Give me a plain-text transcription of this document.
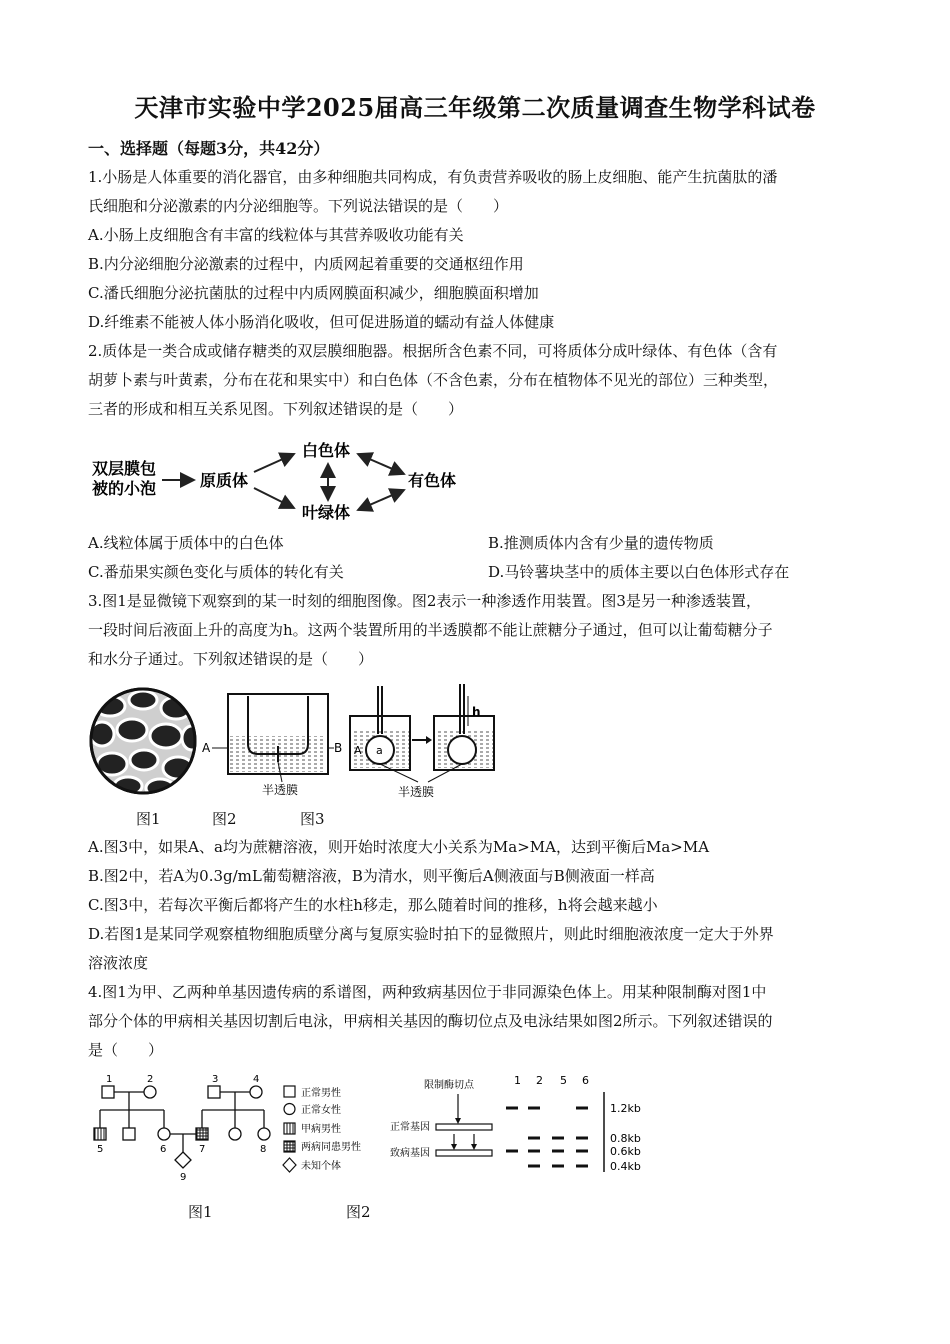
天津市实验中学2025届高三年级第二次质量调查生物学科试卷
一、选择题（每题3分，共42分）
1.小肠是人体重要的消化器官，由多种细胞共同构成，有负责营养吸收的肠上皮细胞、能产生抗菌肽的潘
氏细胞和分泌激素的内分泌细胞等。下列说法错误的是（　　）
A.小肠上皮细胞含有丰富的线粒体与其营养吸收功能有关
B.内分泌细胞分泌激素的过程中，内质网起着重要的交通枢纽作用
C.潘氏细胞分泌抗菌肽的过程中内质网膜面积减少，细胞膜面积增加
D.纤维素不能被人体小肠消化吸收，但可促进肠道的蠕动有益人体健康
2.质体是一类合成或储存糖类的双层膜细胞器。根据所含色素不同，可将质体分成叶绿体、有色体（含有
胡萝卜素与叶黄素，分布在花和果实中）和白色体（不含色素，分布在植物体不见光的部位）三种类型，
三者的形成和相互关系见图。下列叙述错误的是（　　）
双层膜包
被的小泡	原质体
白色体
叶绿体
有色体
A.线粒体属于质体中的白色体	B.推测质体内含有少量的遗传物质
C.番茄果实颜色变化与质体的转化有关	D.马铃薯块茎中的质体主要以白色体形式存在
3.图1是显微镜下观察到的某一时刻的细胞图像。图2表示一种渗透作用装置。图3是另一种渗透装置，
一段时间后液面上升的高度为h。这两个装置所用的半透膜都不能让蔗糖分子通过，但可以让葡萄糖分子
和水分子通过。下列叙述错误的是（　　）
A	B
半透膜
a
A
h
半透膜
图1	图2	图3
A.图3中，如果A、a均为蔗糖溶液，则开始时浓度大小关系为Ma>MA，达到平衡后Ma>MA
B.图2中，若A为0.3g/mL葡萄糖溶液，B为清水，则平衡后A侧液面与B侧液面一样高
C.图3中，若每次平衡后都将产生的水柱h移走，那么随着时间的推移，h将会越来越小
D.若图1是某同学观察植物细胞质壁分离与复原实验时拍下的显微照片，则此时细胞液浓度一定大于外界
溶液浓度
4.图1为甲、乙两种单基因遗传病的系谱图，两种致病基因位于非同源染色体上。用某种限制酶对图1中
部分个体的甲病相关基因切割后电泳，甲病相关基因的酶切位点及电泳结果如图2所示。下列叙述错误的
是（　　）
1	2	3	4
5	6	7	8
9
正常男性
正常女性
甲病男性
两病同患男性
未知个体
限制酶切点
正常基因
致病基因
1 2 5 6
1.2kb
0.8kb
0.6kb
0.4kb
图1	图2
